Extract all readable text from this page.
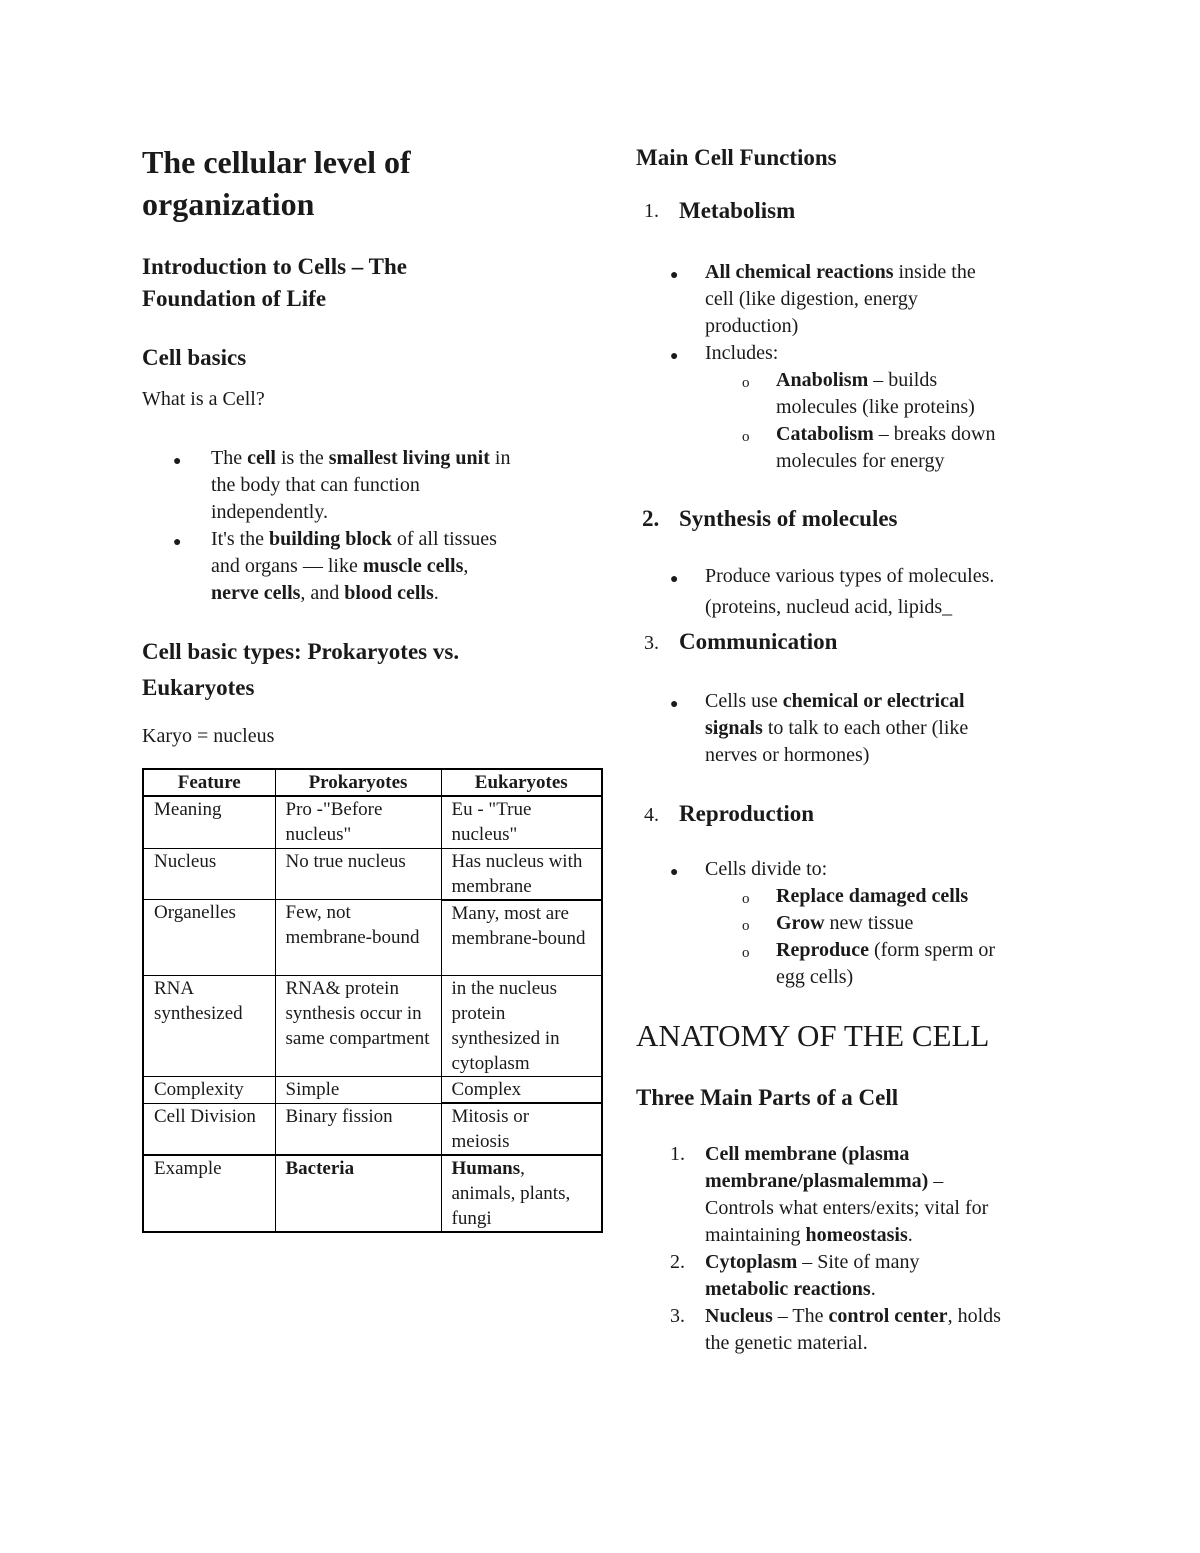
The cellular level of
organization
Introduction to Cells – The
Foundation of Life
Cell basics
What is a Cell?
● The cell is the smallest living unit in
the body that can function
independently.
● It's the building block of all tissues
and organs — like muscle cells,
nerve cells, and blood cells.
Cell basic types: Prokaryotes vs.
Eukaryotes
Karyo = nucleus
Feature	Prokaryotes	Eukaryotes
Meaning	Pro -"Before nucleus"	Eu - "True nucleus"
Nucleus	No true nucleus	Has nucleus with membrane
Organelles	Few, not membrane-bound	Many, most are membrane-bound
RNA synthesized	RNA& protein synthesis occur in same compartment	in the nucleus protein synthesized in cytoplasm
Complexity	Simple	Complex
Cell Division	Binary fission	Mitosis or meiosis
Example	Bacteria	Humans, animals, plants, fungi
Main Cell Functions
1. Metabolism
● All chemical reactions inside the
cell (like digestion, energy
production)
● Includes:
o Anabolism – builds
molecules (like proteins)
o Catabolism – breaks down
molecules for energy
2. Synthesis of molecules
● Produce various types of molecules.
(proteins, nucleud acid, lipids_
3. Communication
● Cells use chemical or electrical
signals to talk to each other (like
nerves or hormones)
4. Reproduction
● Cells divide to:
o Replace damaged cells
o Grow new tissue
o Reproduce (form sperm or
egg cells)
ANATOMY OF THE CELL
Three Main Parts of a Cell
1. Cell membrane (plasma
membrane/plasmalemma) –
Controls what enters/exits; vital for
maintaining homeostasis.
2. Cytoplasm – Site of many
metabolic reactions.
3. Nucleus – The control center, holds
the genetic material.
